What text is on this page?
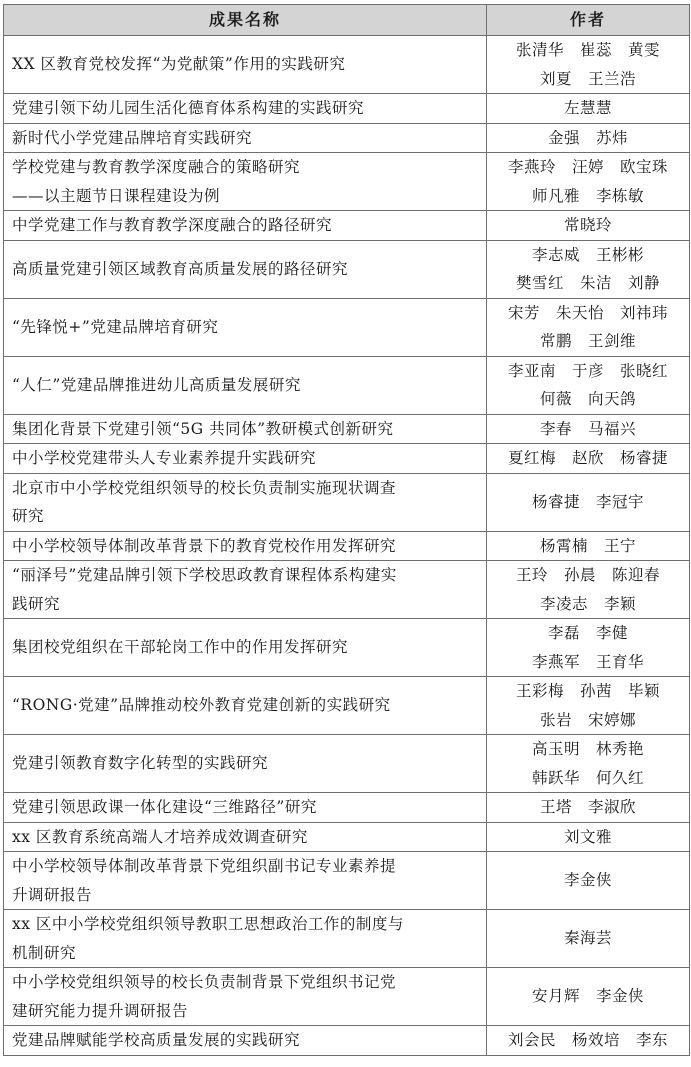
成果名称	作者

XX 区教育党校发挥“为党献策”作用的实践研究	张清华　崔蕊　黄雯
刘夏　王兰浩

党建引领下幼儿园生活化德育体系构建的实践研究	左慧慧

新时代小学党建品牌培育实践研究	金强　苏炜

学校党建与教育教学深度融合的策略研究
——以主题节日课程建设为例	李燕玲　汪婷　欧宝珠
师凡雅　李栋敏

中学党建工作与教育教学深度融合的路径研究	常晓玲

高质量党建引领区域教育高质量发展的路径研究	李志威　王彬彬
樊雪红　朱洁　刘静

“先锋悦+”党建品牌培育研究	宋芳　朱天怡　刘祎玮
常鹏　王剑维

“人仁”党建品牌推进幼儿高质量发展研究	李亚南　于彦　张晓红
何薇　向天鸽

集团化背景下党建引领“5G 共同体”教研模式创新研究	李春　马福兴

中小学校党建带头人专业素养提升实践研究	夏红梅　赵欣　杨睿捷

北京市中小学校党组织领导的校长负责制实施现状调查
研究	杨睿捷　李冠宇

中小学校领导体制改革背景下的教育党校作用发挥研究	杨霄楠　王宁

“丽泽号”党建品牌引领下学校思政教育课程体系构建实
践研究	王玲　孙晨　陈迎春
李凌志　李颖

集团校党组织在干部轮岗工作中的作用发挥研究	李磊　李健
李燕军　王育华

“RONG·党建”品牌推动校外教育党建创新的实践研究	王彩梅　孙茜　毕颖
张岩　宋婷娜

党建引领教育数字化转型的实践研究	高玉明　林秀艳
韩跃华　何久红

党建引领思政课一体化建设“三维路径”研究	王塔　李淑欣

xx 区教育系统高端人才培养成效调查研究	刘文雅

中小学校领导体制改革背景下党组织副书记专业素养提
升调研报告	李金侠

xx 区中小学校党组织领导教职工思想政治工作的制度与
机制研究	秦海芸

中小学校党组织领导的校长负责制背景下党组织书记党
建研究能力提升调研报告	安月辉　李金侠

党建品牌赋能学校高质量发展的实践研究	刘会民　杨效培　李东
